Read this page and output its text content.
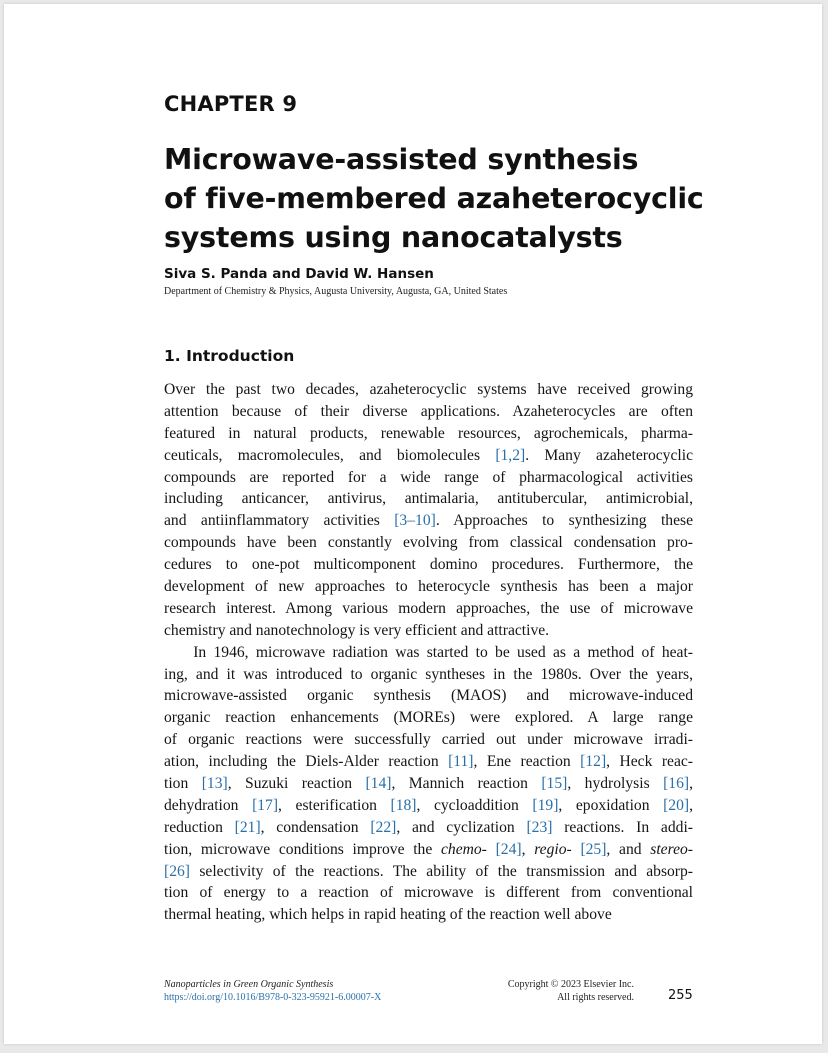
CHAPTER 9
Microwave-assisted synthesis
of five-membered azaheterocyclic
systems using nanocatalysts
Siva S. Panda and David W. Hansen
Department of Chemistry & Physics, Augusta University, Augusta, GA, United States
1. Introduction
Over the past two decades, azaheterocyclic systems have received growing
attention because of their diverse applications. Azaheterocycles are often
featured in natural products, renewable resources, agrochemicals, pharma-
ceuticals, macromolecules, and biomolecules [1,2]. Many azaheterocyclic
compounds are reported for a wide range of pharmacological activities
including anticancer, antivirus, antimalaria, antitubercular, antimicrobial,
and antiinflammatory activities [3–10]. Approaches to synthesizing these
compounds have been constantly evolving from classical condensation pro-
cedures to one-pot multicomponent domino procedures. Furthermore, the
development of new approaches to heterocycle synthesis has been a major
research interest. Among various modern approaches, the use of microwave
chemistry and nanotechnology is very efficient and attractive.
In 1946, microwave radiation was started to be used as a method of heat-
ing, and it was introduced to organic syntheses in the 1980s. Over the years,
microwave-assisted organic synthesis (MAOS) and microwave-induced
organic reaction enhancements (MOREs) were explored. A large range
of organic reactions were successfully carried out under microwave irradi-
ation, including the Diels-Alder reaction [11], Ene reaction [12], Heck reac-
tion [13], Suzuki reaction [14], Mannich reaction [15], hydrolysis [16],
dehydration [17], esterification [18], cycloaddition [19], epoxidation [20],
reduction [21], condensation [22], and cyclization [23] reactions. In addi-
tion, microwave conditions improve the chemo- [24], regio- [25], and stereo-
[26] selectivity of the reactions. The ability of the transmission and absorp-
tion of energy to a reaction of microwave is different from conventional
thermal heating, which helps in rapid heating of the reaction well above
Nanoparticles in Green Organic Synthesis
https://doi.org/10.1016/B978-0-323-95921-6.00007-X
Copyright © 2023 Elsevier Inc.
All rights reserved.	255
